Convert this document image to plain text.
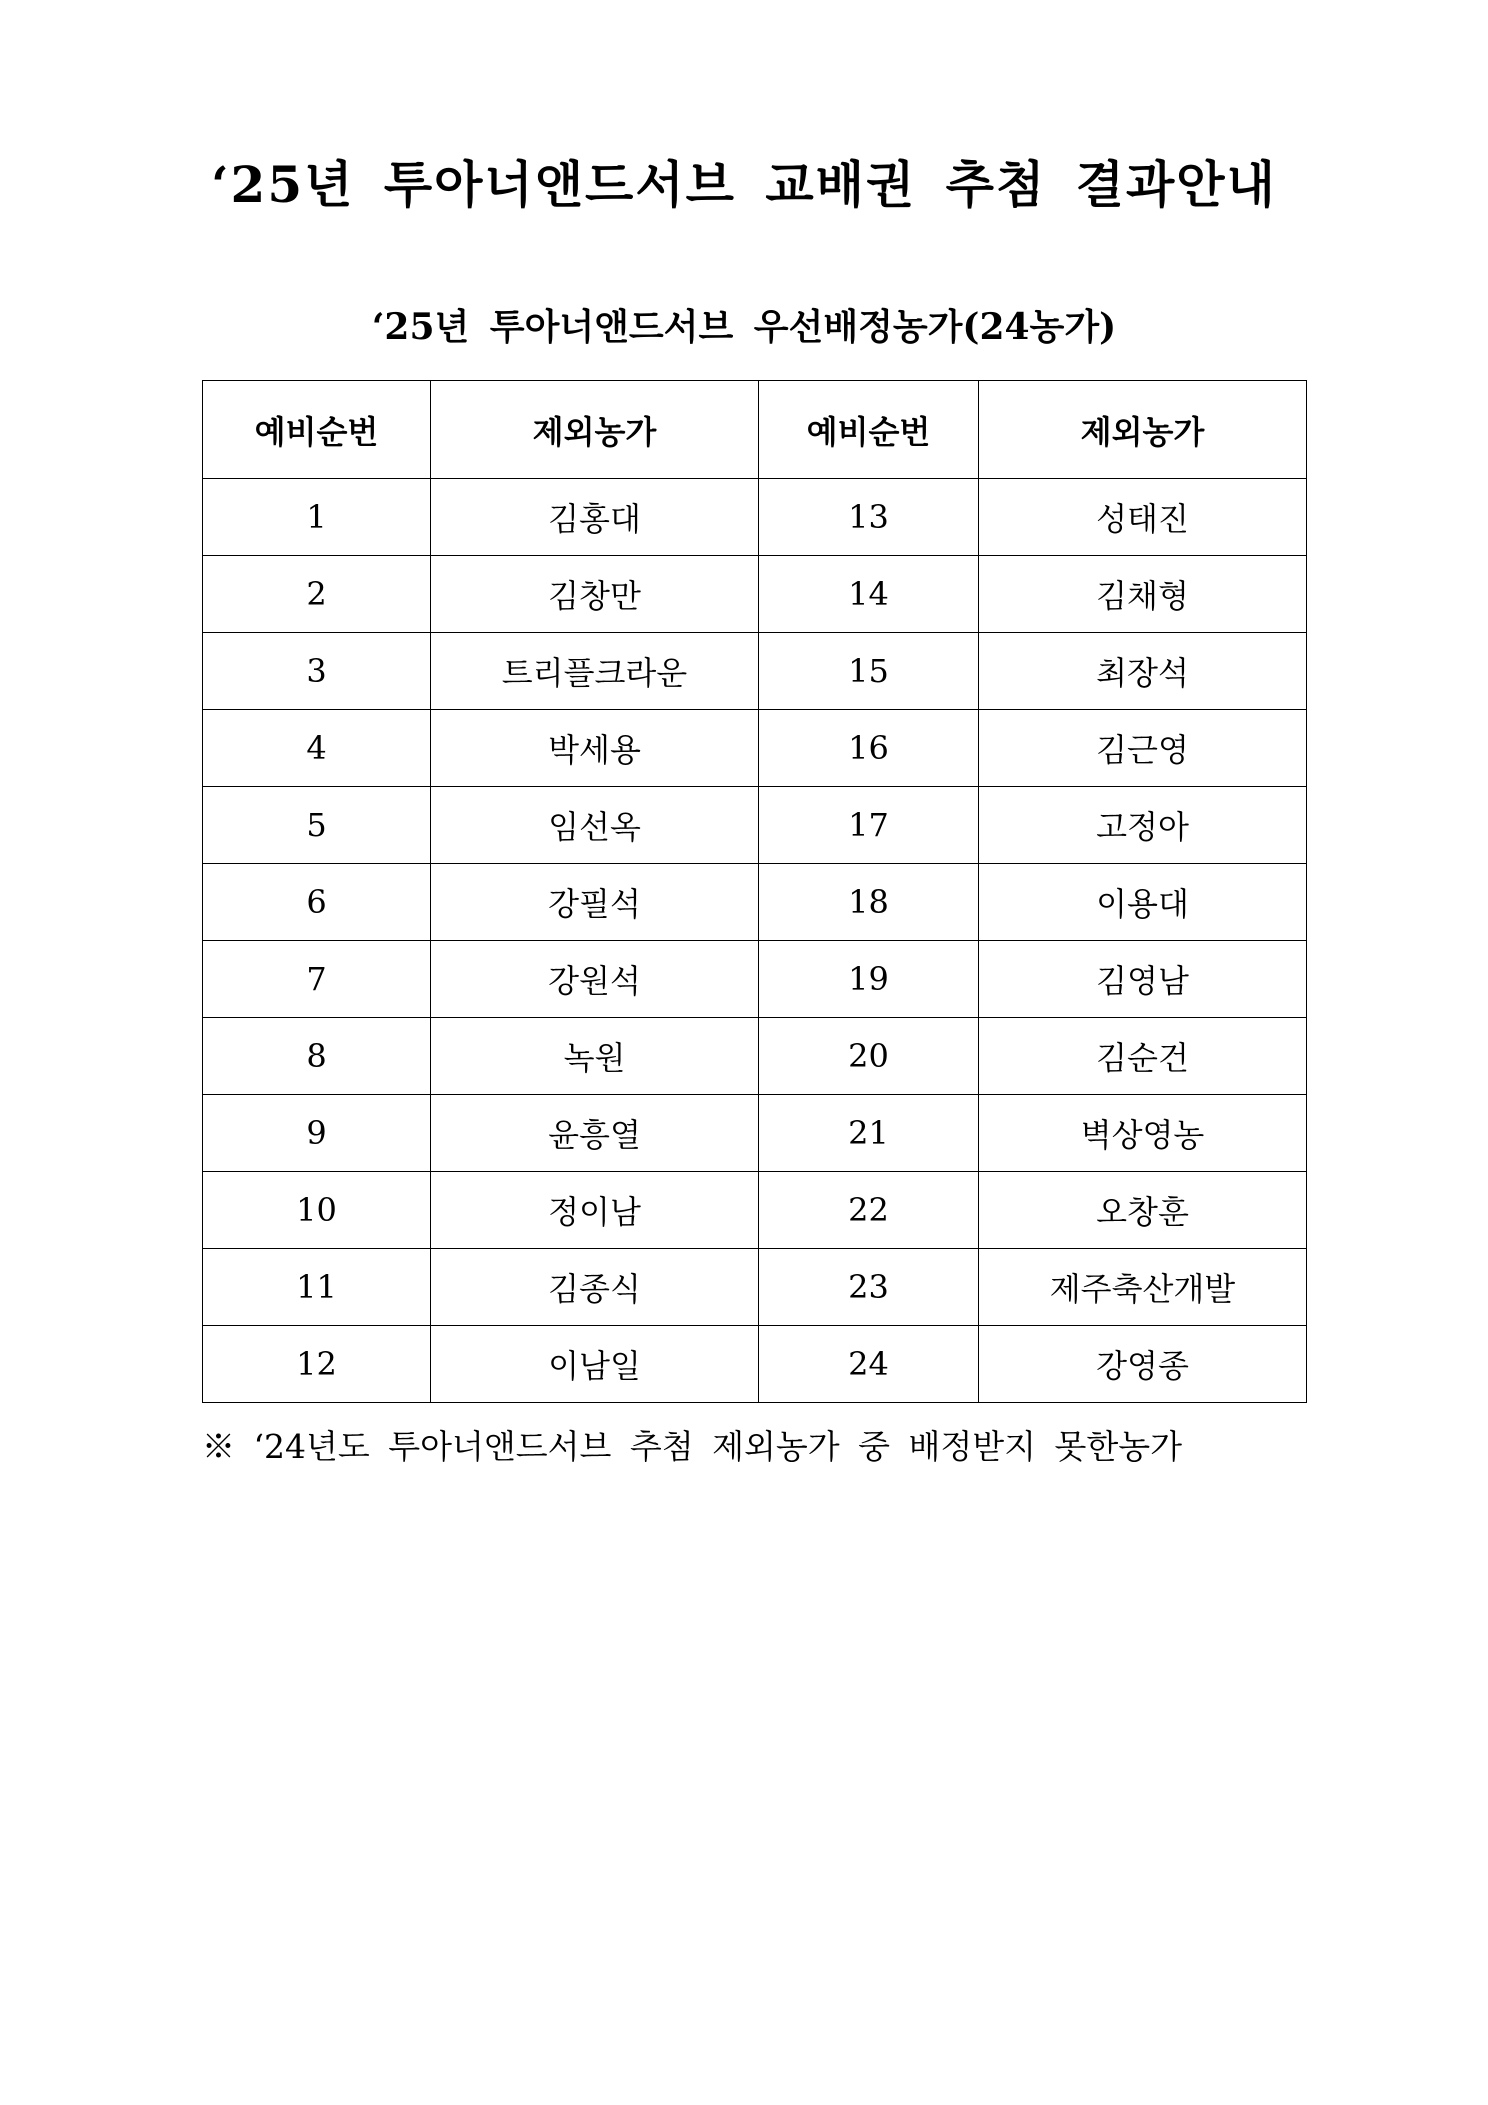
‘25년 투아너앤드서브 교배권 추첨 결과안내
‘25년 투아너앤드서브 우선배정농가(24농가)
예비순번	제외농가	예비순번	제외농가
1	김홍대	13	성태진
2	김창만	14	김채형
3	트리플크라운	15	최장석
4	박세용	16	김근영
5	임선옥	17	고정아
6	강필석	18	이용대
7	강원석	19	김영남
8	녹원	20	김순건
9	윤흥열	21	벽상영농
10	정이남	22	오창훈
11	김종식	23	제주축산개발
12	이남일	24	강영종
※ ‘24년도 투아너앤드서브 추첨 제외농가 중 배정받지 못한농가
